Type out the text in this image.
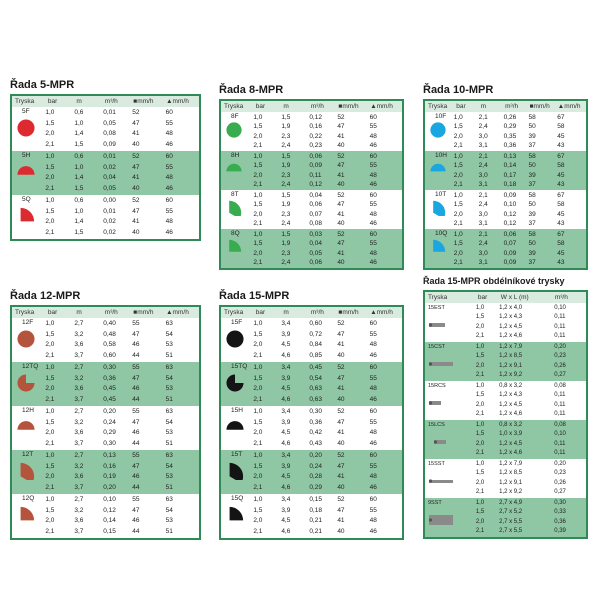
Řada 5-MPR
Tryska	bar	m	m³/h	■mm/h	▲mm/h
5F 1,0	0,6	0,01	52	60
1,5	1,0	0,05	47	55
2,0	1,4	0,08	41	48
2,1	1,5	0,09	40	46
5H 1,0	0,6	0,01	52	60
1,5	1,0	0,02	47	55
2,0	1,4	0,04	41	48
2,1	1,5	0,05	40	46
5Q 1,0	0,6	0,00	52	60
1,5	1,0	0,01	47	55
2,0	1,4	0,02	41	48
2,1	1,5	0,02	40	46
Řada 8-MPR
Tryska	bar	m	m³/h	■mm/h	▲mm/h
8F 1,0	1,5	0,12	52	60
1,5	1,9	0,16	47	55
2,0	2,3	0,22	41	48
2,1	2,4	0,23	40	46
8H 1,0	1,5	0,06	52	60
1,5	1,9	0,09	47	55
2,0	2,3	0,11	41	48
2,1	2,4	0,12	40	46
8T 1,0	1,5	0,04	52	60
1,5	1,9	0,06	47	55
2,0	2,3	0,07	41	48
2,1	2,4	0,08	40	46
8Q 1,0	1,5	0,03	52	60
1,5	1,9	0,04	47	55
2,0	2,3	0,05	41	48
2,1	2,4	0,06	40	46
Řada 10-MPR
Tryska	bar	m	m³/h	■mm/h	▲mm/h
10F 1,0	2,1	0,26	58	67
1,5	2,4	0,29	50	58
2,0	3,0	0,35	39	45
2,1	3,1	0,36	37	43
10H 1,0	2,1	0,13	58	67
1,5	2,4	0,14	50	58
2,0	3,0	0,17	39	45
2,1	3,1	0,18	37	43
10T 1,0	2,1	0,09	58	67
1,5	2,4	0,10	50	58
2,0	3,0	0,12	39	45
2,1	3,1	0,12	37	43
10Q 1,0	2,1	0,06	58	67
1,5	2,4	0,07	50	58
2,0	3,0	0,09	39	45
2,1	3,1	0,09	37	43
Řada 12-MPR
Tryska	bar	m	m³/h	■mm/h	▲mm/h
12F 1,0	2,7	0,40	55	63
1,5	3,2	0,48	47	54
2,0	3,6	0,58	46	53
2,1	3,7	0,60	44	51
12TQ 1,0	2,7	0,30	55	63
1,5	3,2	0,36	47	54
2,0	3,6	0,45	46	53
2,1	3,7	0,45	44	51
12H 1,0	2,7	0,20	55	63
1,5	3,2	0,24	47	54
2,0	3,6	0,29	46	53
2,1	3,7	0,30	44	51
12T 1,0	2,7	0,13	55	63
1,5	3,2	0,16	47	54
2,0	3,6	0,19	46	53
2,1	3,7	0,20	44	51
12Q 1,0	2,7	0,10	55	63
1,5	3,2	0,12	47	54
2,0	3,6	0,14	46	53
2,1	3,7	0,15	44	51
Řada 15-MPR
Tryska	bar	m	m³/h	■mm/h	▲mm/h
15F 1,0	3,4	0,60	52	60
1,5	3,9	0,72	47	55
2,0	4,5	0,84	41	48
2,1	4,6	0,85	40	46
15TQ 1,0	3,4	0,45	52	60
1,5	3,9	0,54	47	55
2,0	4,5	0,63	41	48
2,1	4,6	0,63	40	46
15H 1,0	3,4	0,30	52	60
1,5	3,9	0,36	47	55
2,0	4,5	0,42	41	48
2,1	4,6	0,43	40	46
15T 1,0	3,4	0,20	52	60
1,5	3,9	0,24	47	55
2,0	4,5	0,28	41	48
2,1	4,6	0,29	40	46
15Q 1,0	3,4	0,15	52	60
1,5	3,9	0,18	47	55
2,0	4,5	0,21	41	48
2,1	4,6	0,21	40	46
Řada 15-MPR obdélníkové trysky
Tryska	bar	W x L (m)	m³/h
15EST	1,0	1,2 x 4,0	0,10
1,5	1,2 x 4,3	0,11
2,0	1,2 x 4,5	0,11
2,1	1,2 x 4,6	0,11
15CST	1,0	1,2 x 7,9	0,20
1,5	1,2 x 8,5	0,23
2,0	1,2 x 9,1	0,26
2,1	1,2 x 9,2	0,27
15RCS	1,0	0,8 x 3,2	0,08
1,5	1,2 x 4,3	0,11
2,0	1,2 x 4,5	0,11
2,1	1,2 x 4,6	0,11
15LCS	1,0	0,8 x 3,2	0,08
1,5	1,0 x 3,9	0,10
2,0	1,2 x 4,5	0,11
2,1	1,2 x 4,6	0,11
15SST	1,0	1,2 x 7,9	0,20
1,5	1,2 x 8,5	0,23
2,0	1,2 x 9,1	0,26
2,1	1,2 x 9,2	0,27
9SST	1,0	2,7 x 4,9	0,30
1,5	2,7 x 5,2	0,33
2,0	2,7 x 5,5	0,36
2,1	2,7 x 5,5	0,39
